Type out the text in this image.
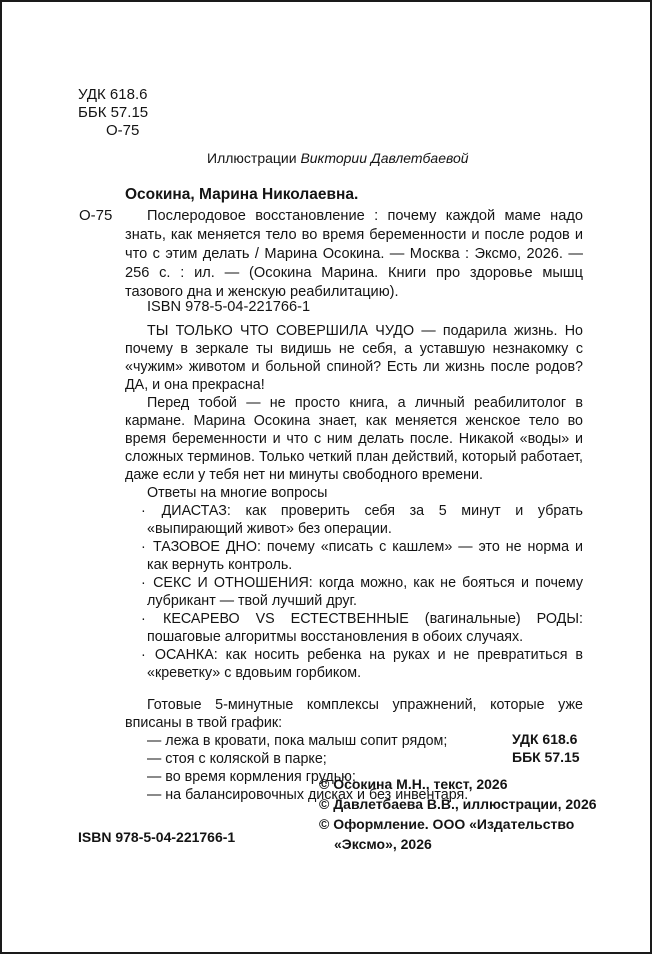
УДК 618.6
ББК 57.15
О-75
Иллюстрации Виктории Давлетбаевой
Осокина, Марина Николаевна.
О-75	Послеродовое восстановление : почему каждой маме надо знать, как меняется тело во время беременности и после родов и что с этим делать / Марина Осокина. — Москва : Эксмо, 2026. — 256 с. : ил. — (Осокина Марина. Книги про здоровье мышц тазового дна и женскую реабилитацию).
ISBN 978-5-04-221766-1

ТЫ ТОЛЬКО ЧТО СОВЕРШИЛА ЧУДО — подарила жизнь. Но почему в зеркале ты видишь не себя, а уставшую незнакомку с «чужим» животом и больной спиной? Есть ли жизнь после родов? ДА, и она прекрасна!

Перед тобой — не просто книга, а личный реабилитолог в кармане. Марина Осокина знает, как меняется женское тело во время беременности и что с ним делать после. Никакой «воды» и сложных терминов. Только четкий план действий, который работает, даже если у тебя нет ни минуты свободного времени.

Ответы на многие вопросы

· ДИАСТАЗ: как проверить себя за 5 минут и убрать «выпирающий живот» без операции.
· ТАЗОВОЕ ДНО: почему «писать с кашлем» — это не норма и как вернуть контроль.
· СЕКС И ОТНОШЕНИЯ: когда можно, как не бояться и почему лубрикант — твой лучший друг.
· КЕСАРЕВО VS ЕСТЕСТВЕННЫЕ (вагинальные) РОДЫ: пошаговые алгоритмы восстановления в обоих случаях.
· ОСАНКА: как носить ребенка на руках и не превратиться в «креветку» с вдовьим горбиком.

Готовые 5-минутные комплексы упражнений, которые уже вписаны в твой график:

— лежа в кровати, пока малыш сопит рядом;
— стоя с коляской в парке;
— во время кормления грудью;
— на балансировочных дисках и без инвентаря.
УДК 618.6
ББК 57.15
© Осокина М.Н., текст, 2026
© Давлетбаева В.В., иллюстрации, 2026
© Оформление. ООО «Издательство
«Эксмо», 2026
ISBN 978-5-04-221766-1
